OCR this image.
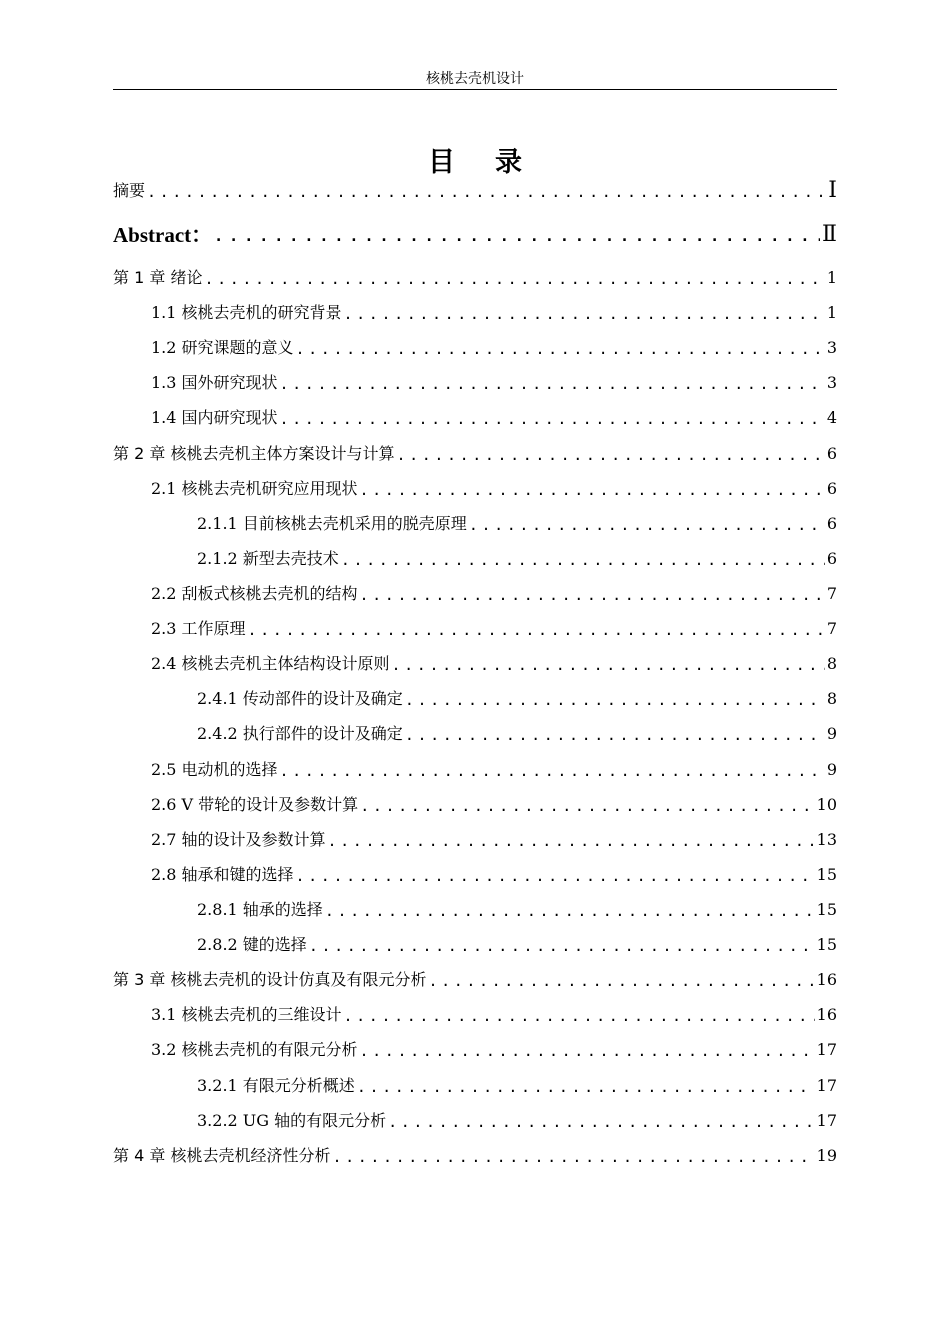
核桃去壳机设计
目录
摘要 .....	Ⅰ
Abstract： .....	Ⅱ
第 1 章 绪论 .....	1
1.1 核桃去壳机的研究背景 .....	1
1.2 研究课题的意义 .....	3
1.3 国外研究现状 .....	3
1.4 国内研究现状 .....	4
第 2 章 核桃去壳机主体方案设计与计算 .....	6
2.1 核桃去壳机研究应用现状 .....	6
2.1.1 目前核桃去壳机采用的脱壳原理 .....	6
2.1.2 新型去壳技术 .....	6
2.2 刮板式核桃去壳机的结构 .....	7
2.3 工作原理 .....	7
2.4 核桃去壳机主体结构设计原则 .....	8
2.4.1 传动部件的设计及确定 .....	8
2.4.2 执行部件的设计及确定 .....	9
2.5 电动机的选择 .....	9
2.6 V 带轮的设计及参数计算 .....	10
2.7 轴的设计及参数计算 .....	13
2.8 轴承和键的选择 .....	15
2.8.1 轴承的选择 .....	15
2.8.2 键的选择 .....	15
第 3 章 核桃去壳机的设计仿真及有限元分析 .....	16
3.1 核桃去壳机的三维设计 .....	16
3.2 核桃去壳机的有限元分析 .....	17
3.2.1 有限元分析概述 .....	17
3.2.2 UG 轴的有限元分析 .....	17
第 4 章 核桃去壳机经济性分析 .....	19
